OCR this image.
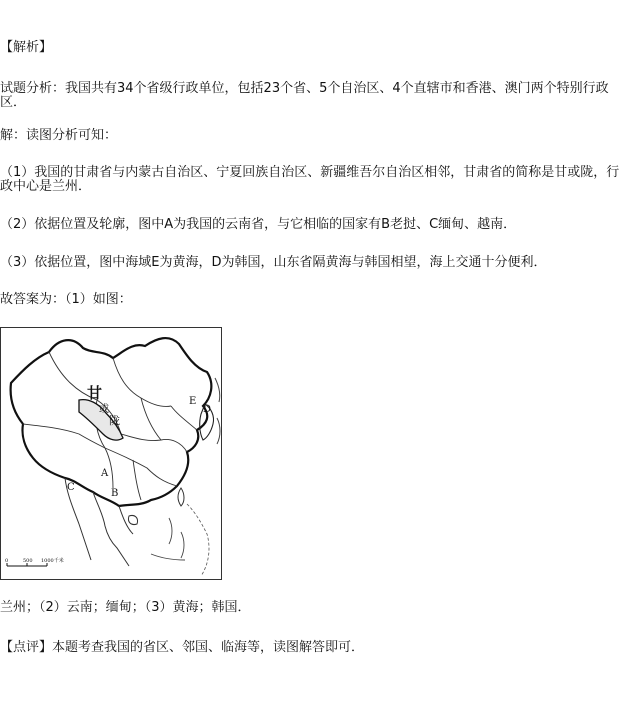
【解析】
试题分析：我国共有34个省级行政单位，包括23个省、5个自治区、4个直辖市和香港、澳门两个特别行政区．
解：读图分析可知：
（1）我国的甘肃省与内蒙古自治区、宁夏回族自治区、新疆维吾尔自治区相邻，甘肃省的简称是甘或陇，行政中心是兰州．
（2）依据位置及轮廓，图中A为我国的云南省，与它相临的国家有B老挝、C缅甸、越南．
（3）依据位置，图中海域E为黄海，D为韩国，山东省隔黄海与韩国相望，海上交通十分便利．
故答案为：（1）如图：
甘
或
陇
E
D
A
B
C
0	500 1000千米
兰州；（2）云南；缅甸；（3）黄海；韩国．
【点评】本题考查我国的省区、邻国、临海等，读图解答即可．
